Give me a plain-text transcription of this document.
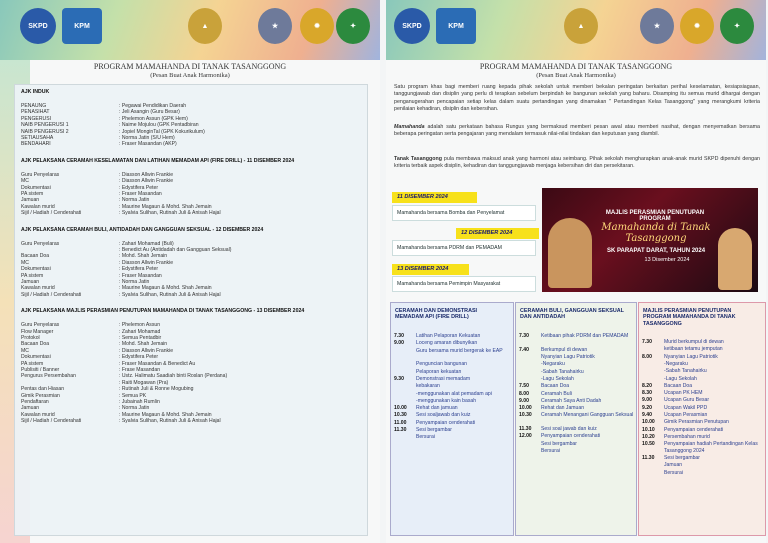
SKPD	KPM	▲	★	✹	✦
PROGRAM MAMAHANDA DI TANAK TASANGGONG
(Pesan Buat Anak Harmonika)
AJK INDUK
PENAUNG	: Pegawai Pendidikan Daerah
PENASIHAT	: Jeli Asangin (Guru Besar)
PENGERUSI	: Phelemon Assun (GPK Hem)
NAIB PENGERUSI 1	: Naime Mojulou (GPK Pentadbiran
NAIB PENGERUSI 2	: Jopiel MonginTal (GPK Kokurikulum)
SETIAUSAHA	: Norma Jatin (S/U Hem)
BENDAHARI	: Fraser Masandan (AKP)
AJK PELAKSANA CERAMAH KESELAMATAN DAN LATIHAN MEMADAM API (FIRE DRILL) - 11 DISEMBER 2024
Guru Penyelaras	: Diasson Allwin Frankie
MC	: Diasson Allwin Frankie
Dokumentasi	: Edystifera Peter
PA sistem	: Fraser Masandan
Jamuan	: Norma Jatin
Kawalan murid	: Maurine Magaun & Mohd. Shah Jemain
Sijil / Hadiah / Cenderahati	: Syalvia Sulihan, Rutinah Juli & Anisah Hajal
AJK PELAKSANA CERAMAH BULI, ANTIDADAH DAN GANGGUAN SEKSUAL - 12 DISEMBER 2024
Guru Penyelaras	: Zahari Mohamad (Buli)
: Benedict Au (Antidadah dan Gangguan Seksual)
Bacaan Doa	: Mohd. Shah Jemain
MC	: Diasson Allwin Frankie
Dokumentasi	: Edystifera Peter
PA sistem	: Fraser Masandan
Jamuan	: Norma Jatin
Kawalan murid	: Maurine Magaun & Mohd. Shah Jemain
Sijil / Hadiah / Cenderahati	: Syalvia Sulihan, Rutinah Juli & Anisah Hajal
AJK PELAKSANA MAJLIS PERASMIAN PENUTUPAN MAMAHANDA DI TANAK TASANGGONG - 13 DISEMBER 2024
Guru Penyelaras	: Phelemon Assun
Flow Manager	: Zahari Mohamad
Protokol	: Semua Pentadbir
Bacaan Doa	: Mohd. Shah Jemain
MC	: Diasson Allwin Frankie
Dokumentasi	: Edystifera Peter
PA sistem	: Fraser Masandan & Benedict Au
Publisiti / Banner	: Frase Masandan
Pengurus Persembahan	: Ustz. Halimatu Saadiah binti Roslan (Perdana)
: Raiti Mogawan (Pra)
Pentas dan Hiasan	: Rutinah Juli & Ronne Mogubing
Gimik Perasmian	: Semua PK
Pendaftaran	: Jubainah Rumlin
Jamuan	: Norma Jatin
Kawalan murid	: Maurine Magaun & Mohd. Shah Jemain
Sijil / Hadiah / Cenderahati	: Syalvia Sulihan, Rutinah Juli & Anisah Hajal
SKPD	KPM	▲	★	✹	✦
PROGRAM MAMAHANDA DI TANAK TASANGGONG
(Pesan Buat Anak Harmonika)
Satu program khas bagi memberi ruang kepada pihak sekolah untuk memberi bekalan peringatan berkaitan perihal keselamatan, kesiapsiagaan, tanggungjawab dan disiplin yang perlu di terapkan sebelum berpindah ke bangunan sekolah yang baharu. Disamping itu semua murid dihargai dengan penganugerahan pencapaian setiap kelas dalam suatu pertandingan yang dinamakan " Pertandingan Kelas Tasanggong" yang merangkumi kriteria penilaian kehadiran, disiplin dan kebersihan.
Mamahanda adalah satu perkataan bahasa Rungus yang bermaksud memberi pesan awal atau memberi nasihat, dengan menyematkan bersama beberapa peringatan serta pengajaran yang mendalam termasuk nilai-nilai tindakan dan keputusan yang diambil.
Tanak Tasanggong pula membawa maksud anak yang harmoni atau seimbang. Pihak sekolah mengharapkan anak-anak murid SKPD dipenuhi dengan kriteria terbaik aspek disiplin, kehadiran dan tanggungjawab menjaga kebersihan diri dan persekitaran.
11 DISEMBER 2024
Mamahanda bersama Bomba dan Penyelamat
12 DISEMBER 2024
Mamahanda bersama PDRM dan PEMADAM
13 DISEMBER 2024
Mamahanda bersama Pemimpin Masyarakat
MAJLIS PERASMIAN PENUTUPAN PROGRAM
Mamahanda di Tanak Tasanggong
SK PARAPAT DARAT, TAHUN 2024
13 Disember 2024
CERAMAH DAN DEMONSTRASI MEMADAM API (FIRE DRILL)
7.30	Latihan Pelaporan Kekuatan
9.00	Loceng amaran dibunyikan
Guru bersama murid bergerak ke EAP
Penguncian bangunan
Pelaporan kekuatan
9.30	Demonstrasi memadam
kebakaran
-menggunakan alat pemadam api
-menggunakan kain basah
10.00	Rehat dan jamuan
10.30	Sesi soaljawab dan kuiz
11.00	Penyampaian cenderahati
11.30	Sesi bergambar
Bersurai
CERAMAH BULI, GANGGUAN SEKSUAL DAN ANTIDADAH
7.30	Ketibaan pihak PDRM dan PEMADAM
7.40	Berkumpul di dewan
Nyanyian Lagu Patriotik
-Negaraku
-Sabah Tanahairku
-Lagu Sekolah
7.50	Bacaan Doa
8.00	Ceramah Buli
9.00	Ceramah Saya Anti Dadah
10.00	Rehat dan Jamuan
10.30	Ceramah Menangani Gangguan Seksual
11.30	Sesi soal jawab dan kuiz
12.00	Penyampaian cenderahati
Sesi bergambar
Bersurai
MAJLIS PERASMIAN PENUTUPAN PROGRAM MAMAHANDA DI TANAK TASANGGONG
7.30	Murid berkumpul di dewan
ketibaan tetamu jemputan
8.00	Nyanyian Lagu Patriotik
-Negaraku
-Sabah Tanahairku
-Lagu Sekolah
8.20	Bacaan Doa
8.30	Ucapan PK HEM
9.00	Ucapan Guru Besar
9.20	Ucapan Wakil PPD
9.40	Ucapan Perasmian
10.00	Gimik Perasmian Penutupan
10.10	Penyampaian cenderahati
10.20	Persembahan murid
10.50	Penyampaian hadiah Pertandingan Kelas Tasanggong 2024
11.30	Sesi bergambar
Jamuan
Bersurai
